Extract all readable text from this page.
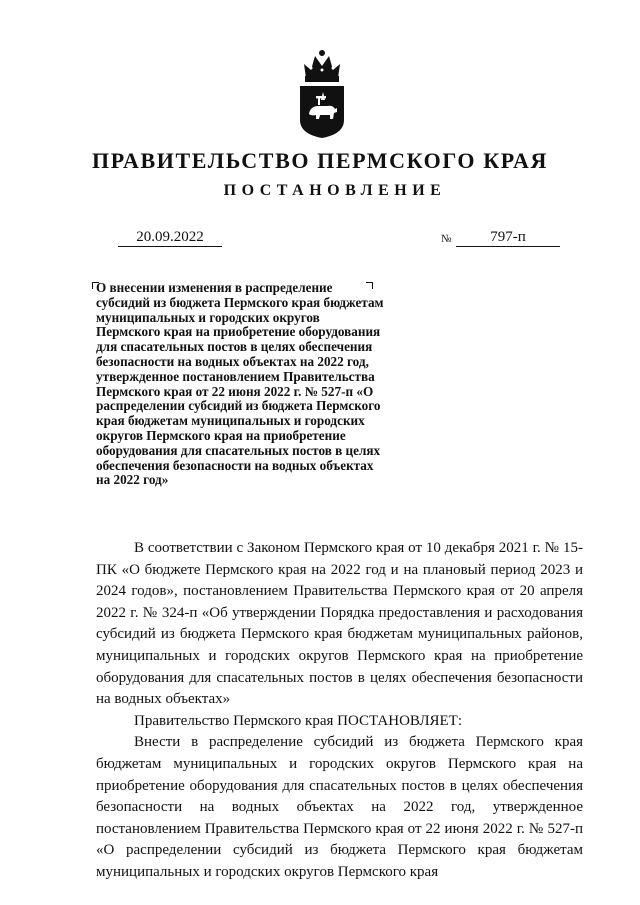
ПРАВИТЕЛЬСТВО ПЕРМСКОГО КРАЯ
ПОСТАНОВЛЕНИЕ
20.09.2022	№	797-п

О внесении изменения в распределение субсидий из бюджета Пермского края бюджетам муниципальных и городских округов Пермского края на приобретение оборудования для спасательных постов в целях обеспечения безопасности на водных объектах на 2022 год, утвержденное постановлением Правительства Пермского края от 22 июня 2022 г. № 527-п «О распределении субсидий из бюджета Пермского края бюджетам муниципальных и городских округов Пермского края на приобретение оборудования для спасательных постов в целях обеспечения безопасности на водных объектах на 2022 год»

В соответствии с Законом Пермского края от 10 декабря 2021 г. № 15-ПК «О бюджете Пермского края на 2022 год и на плановый период 2023 и 2024 годов», постановлением Правительства Пермского края от 20 апреля 2022 г. № 324-п «Об утверждении Порядка предоставления и расходования субсидий из бюджета Пермского края бюджетам муниципальных районов, муниципальных и городских округов Пермского края на приобретение оборудования для спасательных постов в целях обеспечения безопасности на водных объектах»

Правительство Пермского края ПОСТАНОВЛЯЕТ:

Внести в распределение субсидий из бюджета Пермского края бюджетам муниципальных и городских округов Пермского края на приобретение оборудования для спасательных постов в целях обеспечения безопасности на водных объектах на 2022 год, утвержденное постановлением Правительства Пермского края от 22 июня 2022 г. № 527-п «О распределении субсидий из бюджета Пермского края бюджетам муниципальных и городских округов Пермского края
